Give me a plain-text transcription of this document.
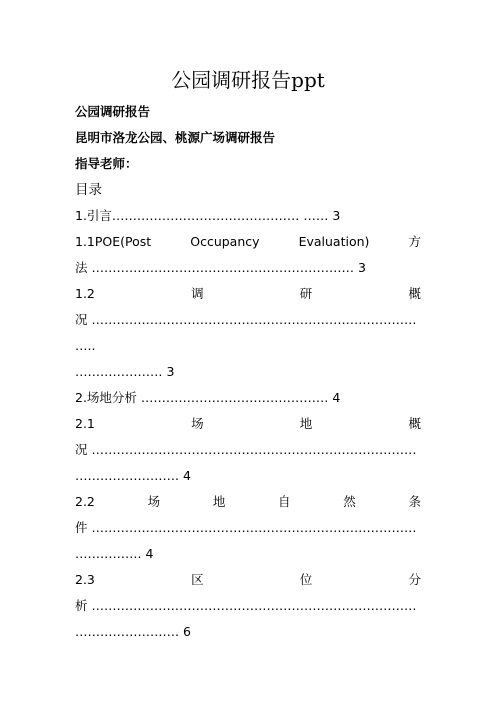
公园调研报告ppt
公园调研报告
昆明市洛龙公园、桃源广场调研报告
指导老师：
目录
1.引言……………………………………… …… 3
1.1POE(Post	Occupancy	Evaluation)	方
法 ……………………………………………………… 3
1.2	调	研	概
况 ……………………………………………………………………
…..
………………… 3
2.场地分析 ……………………………………… 4
2.1	场	地	概
况 ……………………………………………………………………
……………………. 4
2.2	场	地	自	然	条
件 ……………………………………………………………………
……………. 4
2.3	区	位	分
析 ……………………………………………………………………
……………………. 6
